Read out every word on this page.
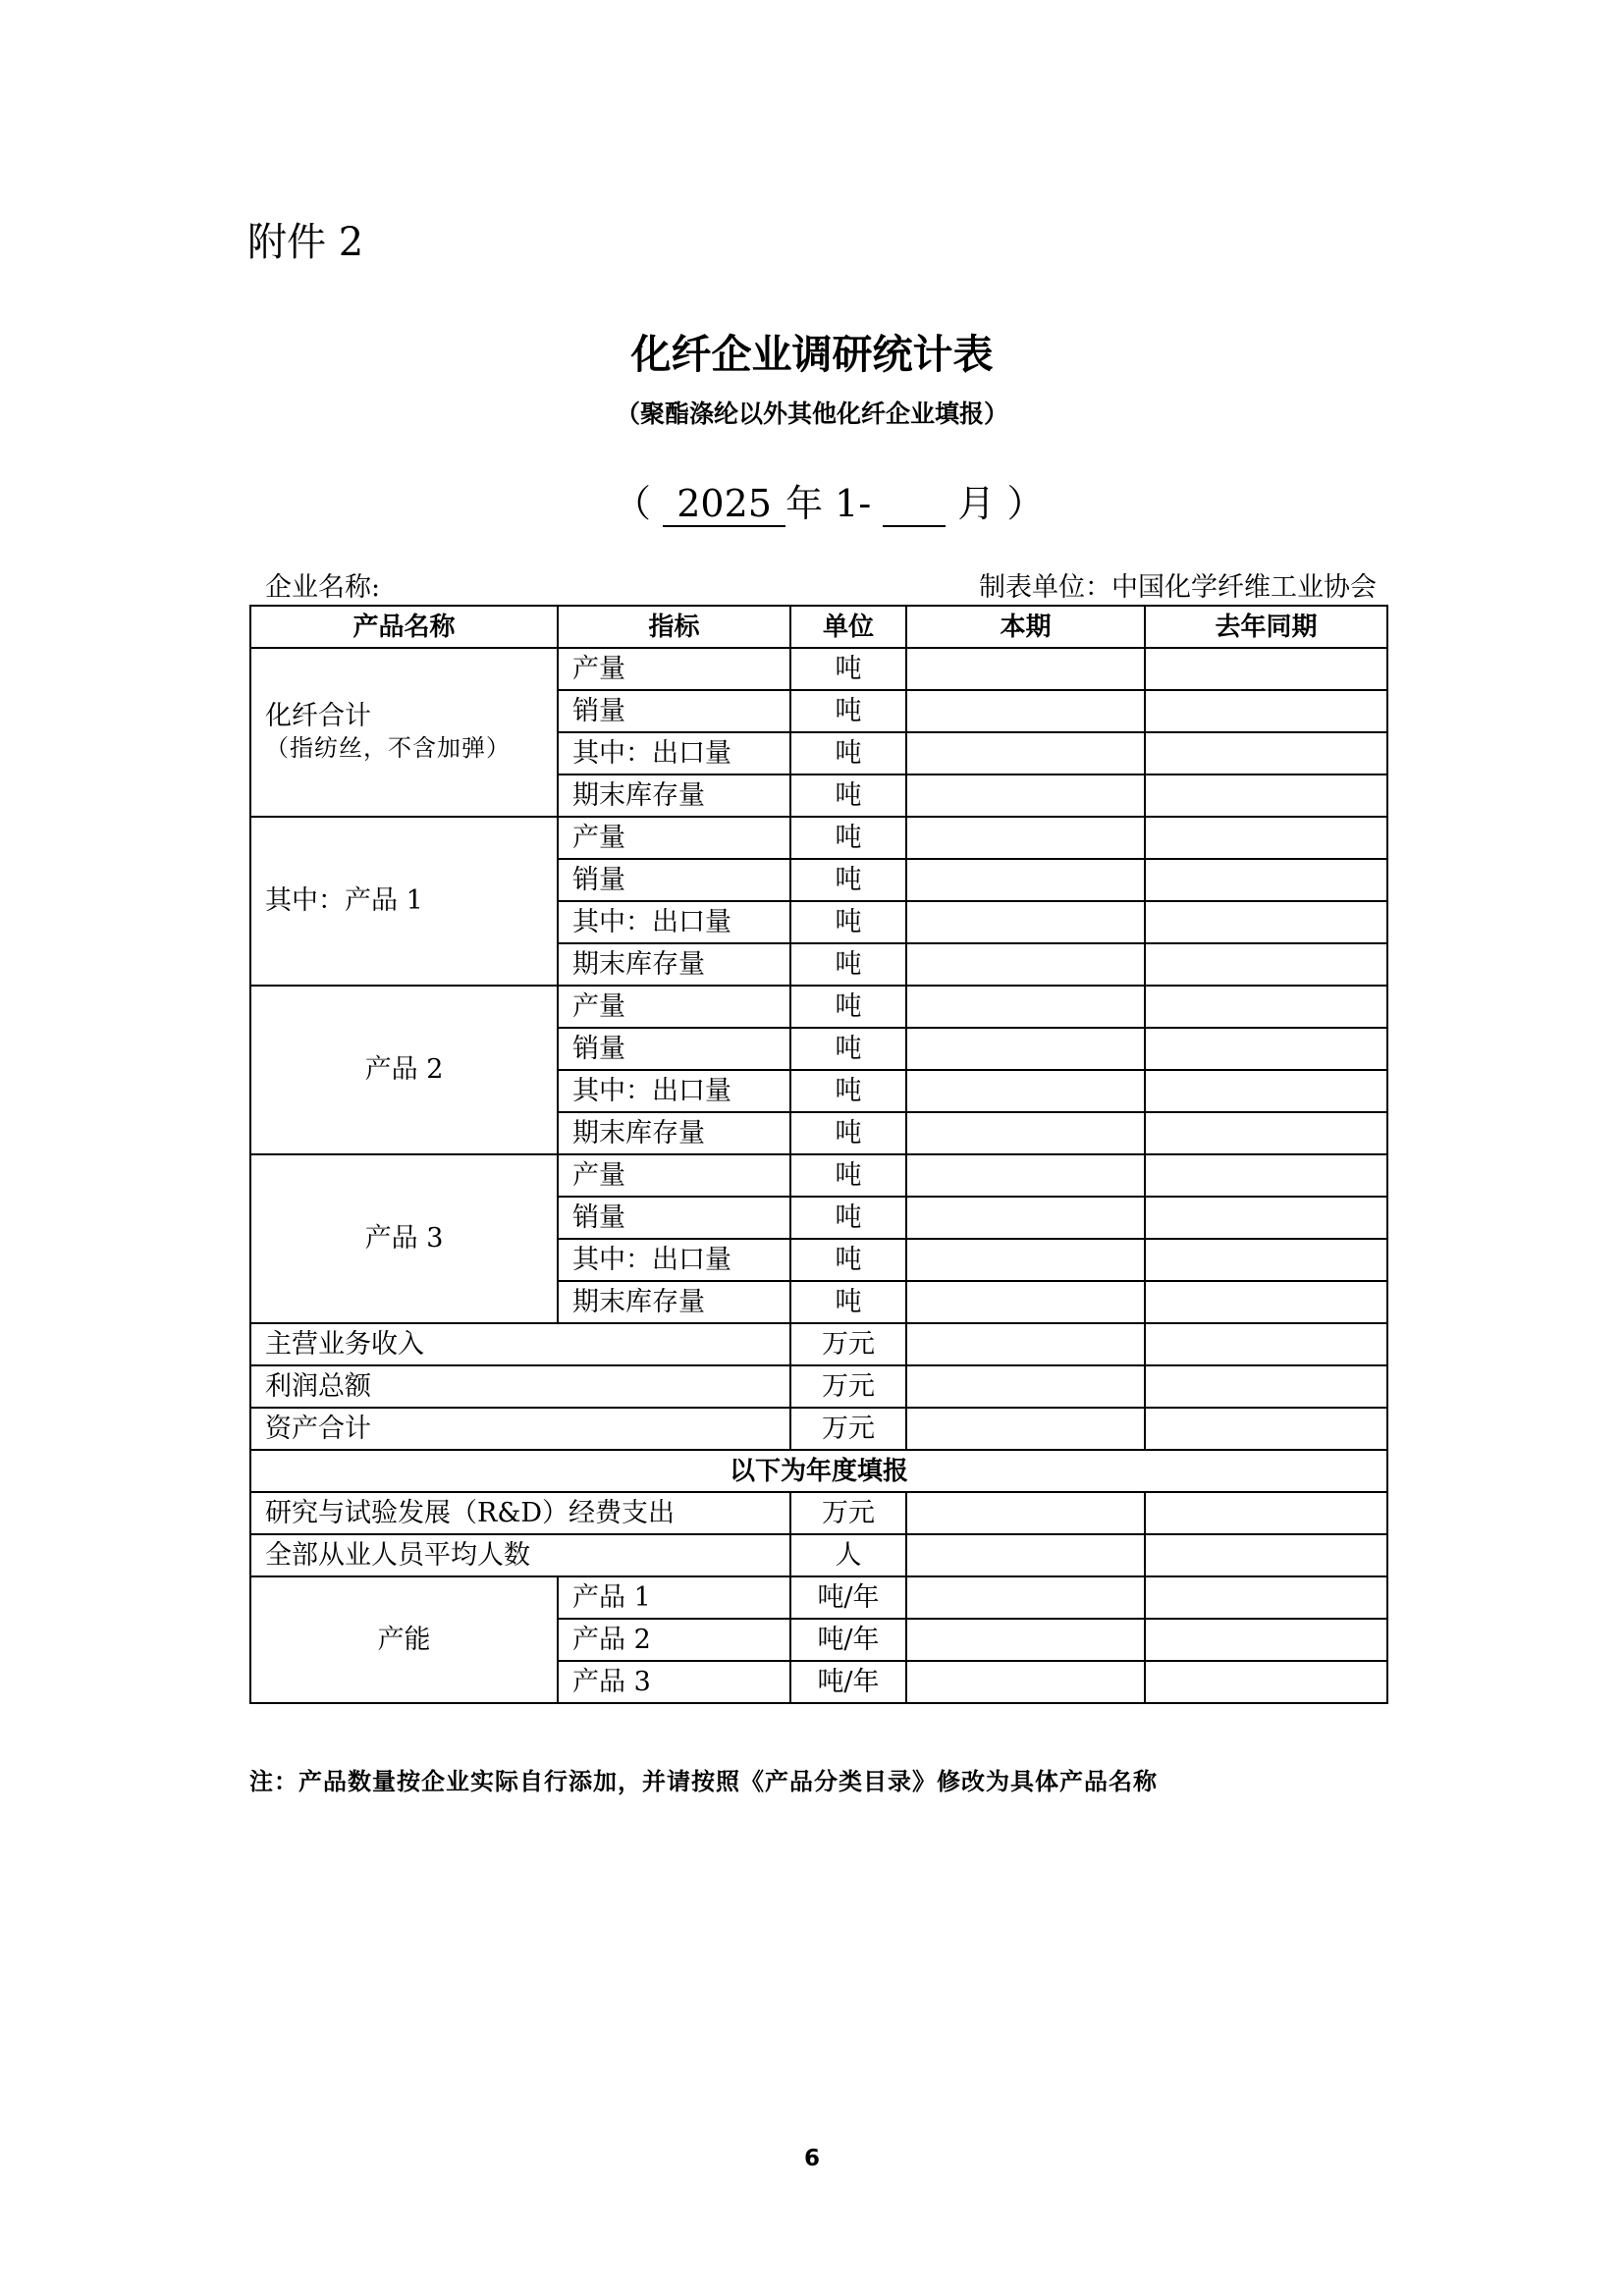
附件 2
化纤企业调研统计表
（聚酯涤纶以外其他化纤企业填报）
（ 2025 年 1-  月 ）
企业名称:	制表单位：中国化学纤维工业协会
产品名称	指标	单位	本期	去年同期
化纤合计
（指纺丝，不含加弹）	产量	吨		
	销量	吨		
	其中：出口量	吨		
	期末库存量	吨		
其中：产品 1	产量	吨		
	销量	吨		
	其中：出口量	吨		
	期末库存量	吨		
产品 2	产量	吨		
	销量	吨		
	其中：出口量	吨		
	期末库存量	吨		
产品 3	产量	吨		
	销量	吨		
	其中：出口量	吨		
	期末库存量	吨		
主营业务收入		万元		
利润总额		万元		
资产合计		万元		
以下为年度填报				
研究与试验发展（R&D）经费支出		万元		
全部从业人员平均人数		人		
产能	产品 1	吨/年		
	产品 2	吨/年		
	产品 3	吨/年		
注：产品数量按企业实际自行添加，并请按照《产品分类目录》修改为具体产品名称
6
